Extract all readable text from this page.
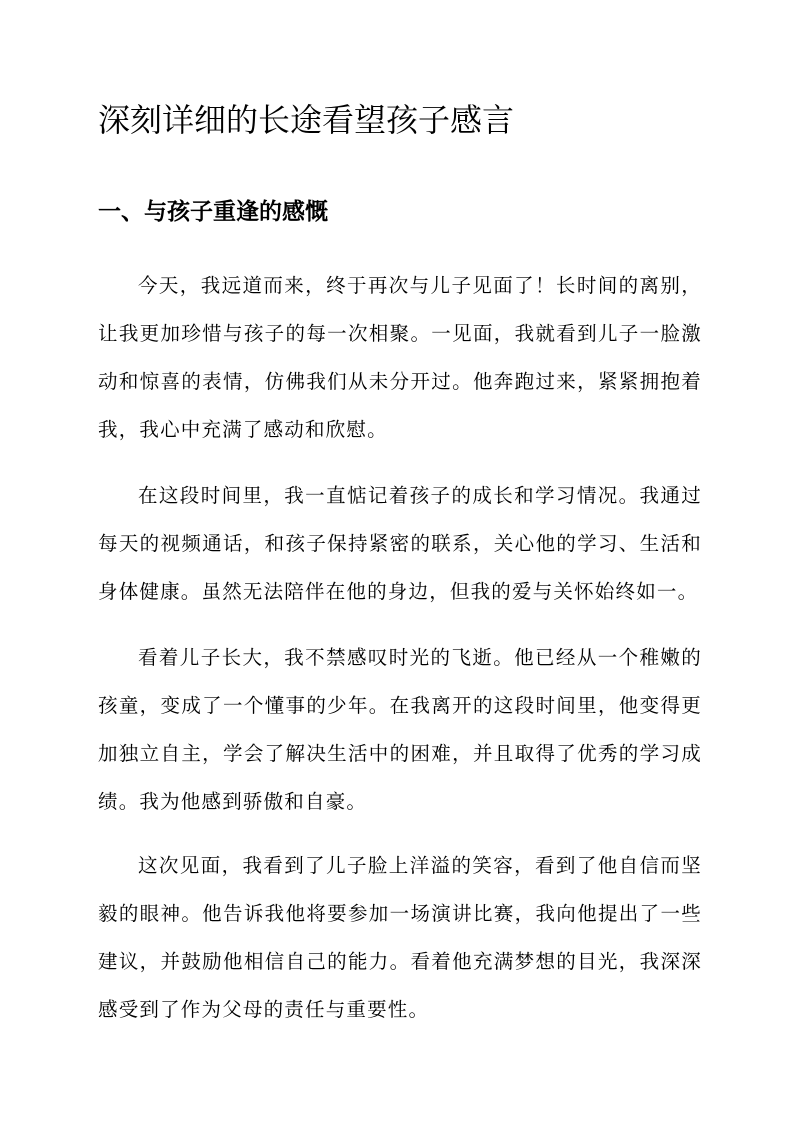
深刻详细的长途看望孩子感言
一、与孩子重逢的感慨

今天，我远道而来，终于再次与儿子见面了！长时间的离别，让我更加珍惜与孩子的每一次相聚。一见面，我就看到儿子一脸激动和惊喜的表情，仿佛我们从未分开过。他奔跑过来，紧紧拥抱着我，我心中充满了感动和欣慰。

在这段时间里，我一直惦记着孩子的成长和学习情况。我通过每天的视频通话，和孩子保持紧密的联系，关心他的学习、生活和身体健康。虽然无法陪伴在他的身边，但我的爱与关怀始终如一。

看着儿子长大，我不禁感叹时光的飞逝。他已经从一个稚嫩的孩童，变成了一个懂事的少年。在我离开的这段时间里，他变得更加独立自主，学会了解决生活中的困难，并且取得了优秀的学习成绩。我为他感到骄傲和自豪。

这次见面，我看到了儿子脸上洋溢的笑容，看到了他自信而坚毅的眼神。他告诉我他将要参加一场演讲比赛，我向他提出了一些建议，并鼓励他相信自己的能力。看着他充满梦想的目光，我深深感受到了作为父母的责任与重要性。
